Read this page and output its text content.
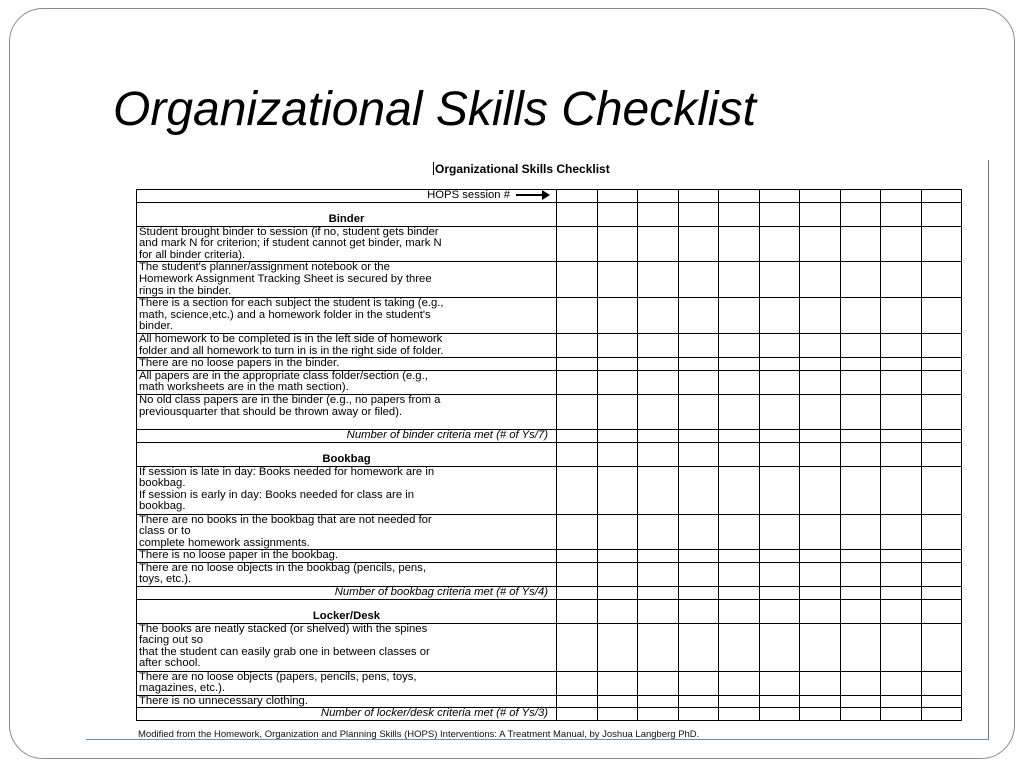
Organizational Skills Checklist
Organizational Skills Checklist
HOPS session #										
Binder										

Student brought binder to session (if no, student gets binder
and mark N for criterion; if student cannot get binder, mark N
for all binder criteria).										

The student's planner/assignment notebook or the
Homework Assignment Tracking Sheet is secured by three
rings in the binder.										

There is a section for each subject the student is taking (e.g.,
math, science,etc.) and a homework folder in the student's
binder.										

All homework to be completed is in the left side of homework
folder and all homework to turn in is in the right side of folder.										

There are no loose papers in the binder.										

All papers are in the appropriate class folder/section (e.g.,
math worksheets are in the math section).										

No old class papers are in the binder (e.g., no papers from a
previousquarter that should be thrown away or filed).										

Number of binder criteria met (# of Ys/7)										
Bookbag										

If session is late in day: Books needed for homework are in
bookbag.
If session is early in day: Books needed for class are in
bookbag.										

There are no books in the bookbag that are not needed for
class or to
complete homework assignments.										

There is no loose paper in the bookbag.										

There are no loose objects in the bookbag (pencils, pens,
toys, etc.).										

Number of bookbag criteria met (# of Ys/4)										
Locker/Desk										

The books are neatly stacked (or shelved) with the spines
facing out so
that the student can easily grab one in between classes or
after school.										

There are no loose objects (papers, pencils, pens, toys,
magazines, etc.).										

There is no unnecessary clothing.										

Number of locker/desk criteria met (# of Ys/3)										
Modified from the Homework, Organization and Planning Skills (HOPS) Interventions: A Treatment Manual, by Joshua Langberg PhD.
